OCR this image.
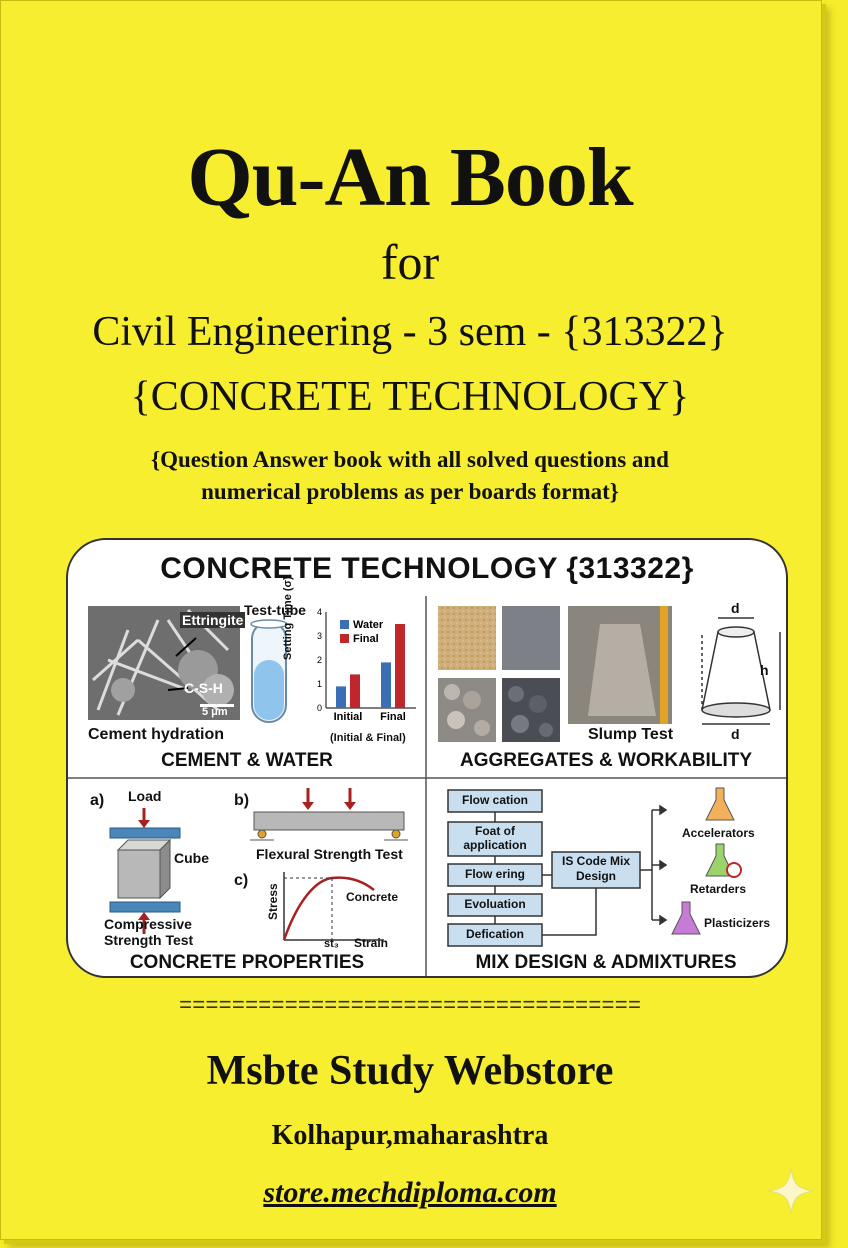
Qu-An Book
for
Civil Engineering - 3 sem - {313322}
{CONCRETE TECHNOLOGY}
{Question Answer book with all solved questions and
numerical problems as per boards format}
CONCRETE TECHNOLOGY {313322}
0
1
2
3
4
Initial Final
Water
Final
Ettringite
C-S-H
5 μm
Cement hydration
Test-tube
Setting Time (σ)
(Initial & Final)
CEMENT & WATER
Slump Test
d
h
d
AGGREGATES & WORKABILITY
a)	b)
c)
Load
Cube
Compressive
Strength Test
Flexural Strength Test
Stress
Strain
Concrete
st₃
CONCRETE PROPERTIES
Flow cation
Foat of application
Flow ering
Evoluation
Defication
IS Code Mix Design
Accelerators
Retarders
Plasticizers
MIX DESIGN & ADMIXTURES
===================================
Msbte Study Webstore
Kolhapur,maharashtra
store.mechdiploma.com
